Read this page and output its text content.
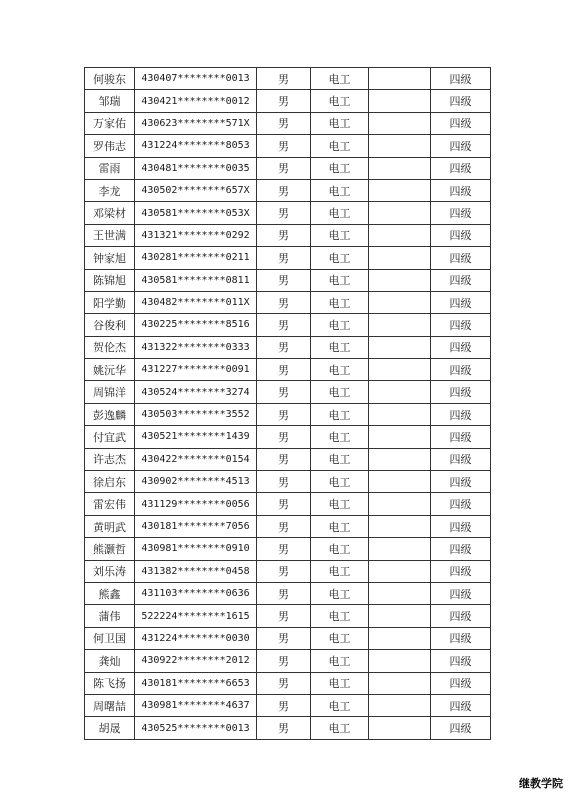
何骏东	430407********0013	男	电工		四级
邹瑞	430421********0012	男	电工		四级
万家佑	430623********571X	男	电工		四级
罗伟志	431224********8053	男	电工		四级
雷雨	430481********0035	男	电工		四级
李龙	430502********657X	男	电工		四级
邓梁材	430581********053X	男	电工		四级
王世满	431321********0292	男	电工		四级
钟家旭	430281********0211	男	电工		四级
陈锦旭	430581********0811	男	电工		四级
阳学勤	430482********011X	男	电工		四级
谷俊利	430225********8516	男	电工		四级
贺伦杰	431322********0333	男	电工		四级
姚沅华	431227********0091	男	电工		四级
周锦洋	430524********3274	男	电工		四级
彭逸麟	430503********3552	男	电工		四级
付宜武	430521********1439	男	电工		四级
许志杰	430422********0154	男	电工		四级
徐启东	430902********4513	男	电工		四级
雷宏伟	431129********0056	男	电工		四级
黄明武	430181********7056	男	电工		四级
熊灏哲	430981********0910	男	电工		四级
刘乐涛	431382********0458	男	电工		四级
熊鑫	431103********0636	男	电工		四级
蒲伟	522224********1615	男	电工		四级
何卫国	431224********0030	男	电工		四级
龚灿	430922********2012	男	电工		四级
陈飞扬	430181********6653	男	电工		四级
周曙喆	430981********4637	男	电工		四级
胡晟	430525********0013	男	电工		四级
继教学院
